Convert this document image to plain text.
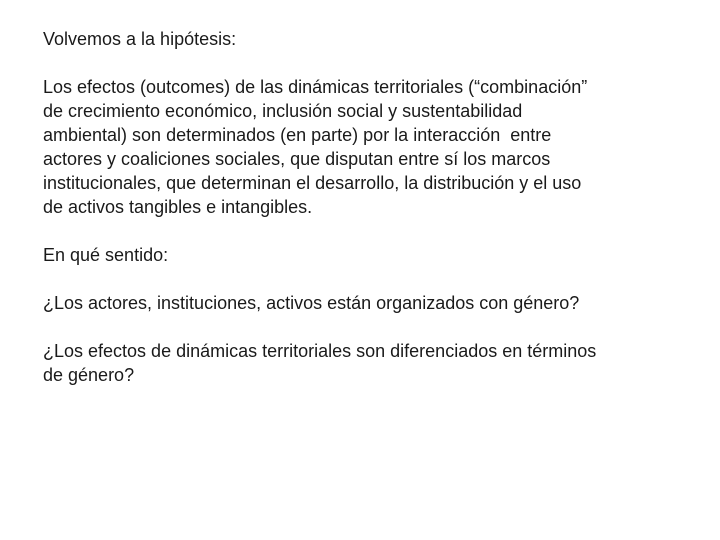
Volvemos a la hipótesis:

Los efectos (outcomes) de las dinámicas territoriales (“combinación”
de crecimiento económico, inclusión social y sustentabilidad
ambiental) son determinados (en parte) por la interacción  entre
actores y coaliciones sociales, que disputan entre sí los marcos
institucionales, que determinan el desarrollo, la distribución y el uso
de activos tangibles e intangibles.

En qué sentido:

¿Los actores, instituciones, activos están organizados con género?

¿Los efectos de dinámicas territoriales son diferenciados en términos
de género?
